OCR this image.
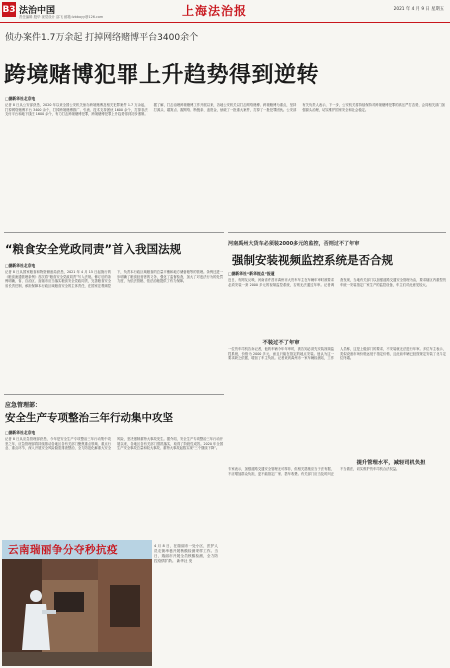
B3 法治中国
责任编辑 殷华 视觉设计 邵飞 邮箱:lzbboyy@126.com	上海法治报	2021 年 4 月 9 日 星期五
侦办案件1.7万余起 打掉网络赌博平台3400余个
跨境赌博犯罪上升趋势得到逆转
□据新华社北京电
记者 8 日从公安部获悉，2020 年以来全国公安机关侦办跨境赌博及相关犯罪案件 1.7 万余起，打掉网络赌博平台 3400 余个，打掉跨境赌博推广、引流、技术支持团伙 1600 余个，打掉非法支付平台和地下钱庄 1600 余个，有力打击跨境赌博犯罪，跨境赌博犯罪上升趋势得到初步遏制。据了解，打击治理跨境赌博工作开展以来，各地公安机关以打击网络赌博、跨境赌博为重点，坚持打源头、端窝点、摧网络、断链条、追资金，侦破了一批重大案件，打掉了一批犯罪团伙。公安部有关负责人表示，下一步，公安机关将持续保持对跨境赌博犯罪的高压严打态势，会同相关部门加强源头治理，切实维护国家安全和社会稳定。
“粮食安全党政同责”首入我国法规
□据新华社北京电
记者 8 日从国家粮食和物资储备局获悉，2021 年 4 月 15 日起施行的《粮食流通管理条例》首次将“粮食安全党政同责”写入法规。修订后的条例明确，省、自治区、直辖市应当落实粮食安全党政同责，完善粮食安全省长责任制，承担保障本行政区域粮食安全的主体责任，在国家宏观调控下，负责本行政区域粮食的总量平衡和地方储备粮等的管理。条例还进一步明确了粮食经营者的义务，强化了监督检查，加大了对违法行为的处罚力度，为依法管粮、依法治粮提供了有力保障。
应急管理部：
安全生产专项整治三年行动集中攻坚
□据新华社北京电
记者 8 日从应急管理部获悉，今年是安全生产专项整治三年行动集中攻坚之年，应急管理部将持续推动各地区各有关部门聚焦重点领域、重点行业、重点环节，深入开展安全风险隐患排查整治，全力防范化解重大安全风险，坚决遏制重特大事故发生。据介绍，安全生产专项整治三年行动开展以来，各地区各有关部门狠抓落实，取得了阶段性成效。2020 年全国生产安全事故总量和较大事故、重特大事故起数实现“三个继续下降”。
云南瑞丽争分夺秒抗疫	4 月 8 日，在瑞丽市一处小区，医护人员走街串巷开展核酸检测采样工作。当日，瑞丽市开展全员核酸检测，全力防控疫情扩散。 新华社 发
河南禹州大货车必须装2000多元的监控，否则过不了年审
强制安装视频监控系统是否合规
□据新华社“新华视点”报道
近日，有网友反映，河南省许昌市禹州市大货车车主在车辆年审时被要求必须安装一套 2000 多元的视频监控系统，否则无法通过年审。记者调查发现，当地有关部门以加强道路交通安全管理为由，要求辖区内重型货车统一安装指定厂家生产的监控设备，车主们对此意见较大。
不装过不了年审
一位货车司机告诉记者，他的车辆今年年审时，被告知必须先安装视频监控系统，价格为 2000 多元，而且只能在指定的地点安装。他认为这一要求缺乏依据，增加了车主负担。记者来到禹州市一家车辆检测站，工作人员称，这是上级部门的要求，不安装就无法进行年审。多位车主表示，类似设备市场价格远低于指定价格，且此前车辆已经按规定安装了北斗定位终端。
提升管理水平，减轻司机负担
专家表示，加强道路交通安全管理无可厚非，但相关措施应当于法有据，不应增加群众负担，更不能指定厂家、搭车收费。有关部门应当及时纠正不当做法，切实维护货车司机合法权益。
